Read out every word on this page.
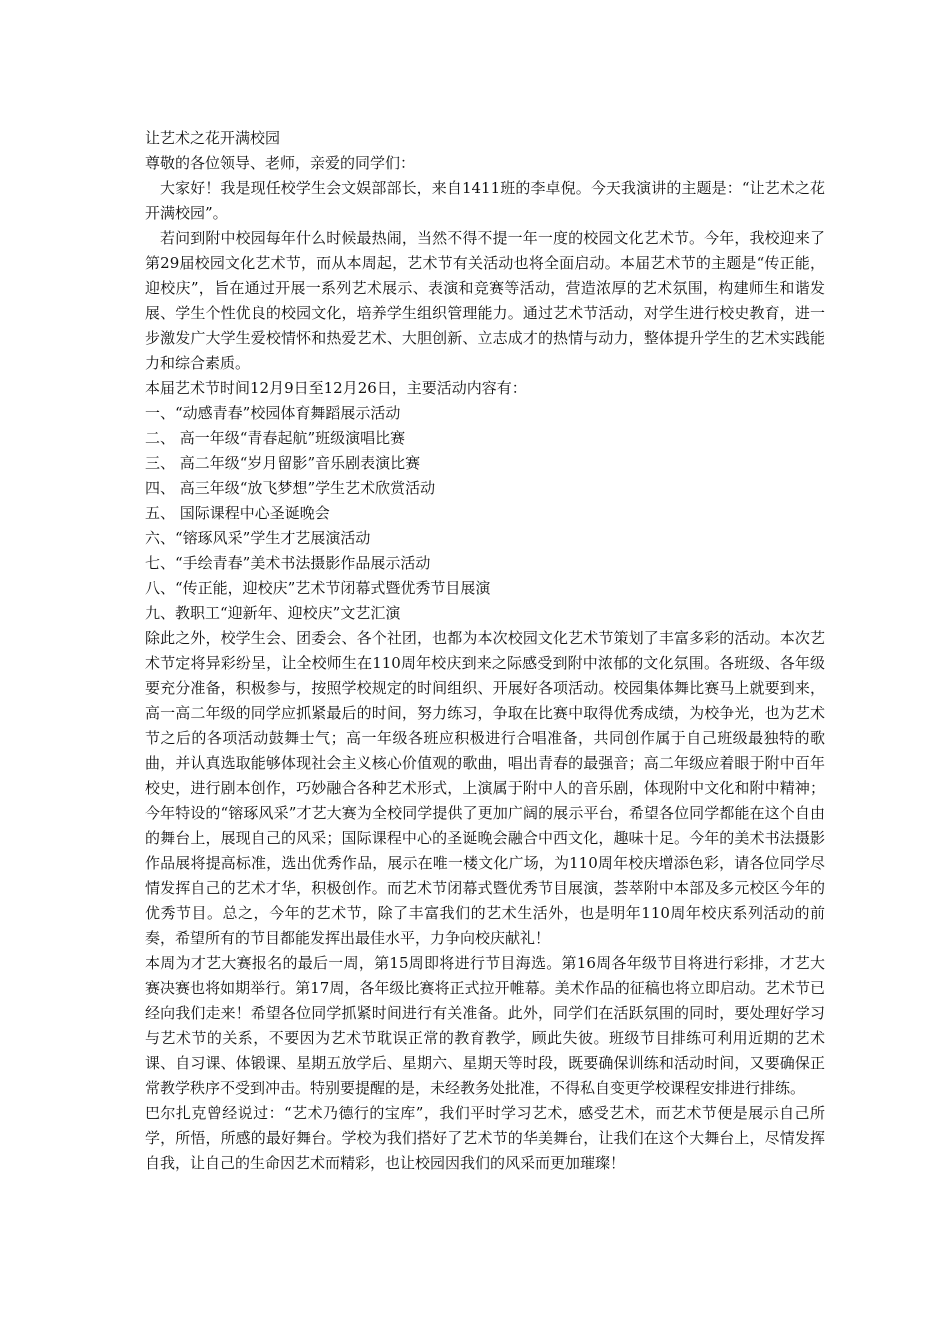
让艺术之花开满校园
尊敬的各位领导、老师，亲爱的同学们：
大家好！我是现任校学生会文娱部部长，来自1411班的李卓倪。今天我演讲的主题是：“让艺术之花开满校园”。
若问到附中校园每年什么时候最热闹，当然不得不提一年一度的校园文化艺术节。今年，我校迎来了第29届校园文化艺术节，而从本周起，艺术节有关活动也将全面启动。本届艺术节的主题是“传正能，迎校庆”，旨在通过开展一系列艺术展示、表演和竞赛等活动，营造浓厚的艺术氛围，构建师生和谐发展、学生个性优良的校园文化，培养学生组织管理能力。通过艺术节活动，对学生进行校史教育，进一步激发广大学生爱校情怀和热爱艺术、大胆创新、立志成才的热情与动力，整体提升学生的艺术实践能力和综合素质。
本届艺术节时间12月9日至12月26日，主要活动内容有：
一、“动感青春”校园体育舞蹈展示活动
二、 高一年级“青春起航”班级演唱比赛
三、 高二年级“岁月留影”音乐剧表演比赛
四、 高三年级“放飞梦想”学生艺术欣赏活动
五、 国际课程中心圣诞晚会
六、“镕琢风采”学生才艺展演活动
七、“手绘青春”美术书法摄影作品展示活动
八、“传正能，迎校庆”艺术节闭幕式暨优秀节目展演
九、教职工“迎新年、迎校庆”文艺汇演
除此之外，校学生会、团委会、各个社团，也都为本次校园文化艺术节策划了丰富多彩的活动。本次艺术节定将异彩纷呈，让全校师生在110周年校庆到来之际感受到附中浓郁的文化氛围。各班级、各年级要充分准备，积极参与，按照学校规定的时间组织、开展好各项活动。校园集体舞比赛马上就要到来，高一高二年级的同学应抓紧最后的时间，努力练习，争取在比赛中取得优秀成绩，为校争光，也为艺术节之后的各项活动鼓舞士气；高一年级各班应积极进行合唱准备，共同创作属于自己班级最独特的歌曲，并认真选取能够体现社会主义核心价值观的歌曲，唱出青春的最强音；高二年级应着眼于附中百年校史，进行剧本创作，巧妙融合各种艺术形式，上演属于附中人的音乐剧，体现附中文化和附中精神；今年特设的“镕琢风采”才艺大赛为全校同学提供了更加广阔的展示平台，希望各位同学都能在这个自由的舞台上，展现自己的风采；国际课程中心的圣诞晚会融合中西文化，趣味十足。今年的美术书法摄影作品展将提高标准，选出优秀作品，展示在唯一楼文化广场，为110周年校庆增添色彩，请各位同学尽情发挥自己的艺术才华，积极创作。而艺术节闭幕式暨优秀节目展演，荟萃附中本部及多元校区今年的优秀节目。总之，今年的艺术节，除了丰富我们的艺术生活外，也是明年110周年校庆系列活动的前奏，希望所有的节目都能发挥出最佳水平，力争向校庆献礼！
本周为才艺大赛报名的最后一周，第15周即将进行节目海选。第16周各年级节目将进行彩排，才艺大赛决赛也将如期举行。第17周，各年级比赛将正式拉开帷幕。美术作品的征稿也将立即启动。艺术节已经向我们走来！希望各位同学抓紧时间进行有关准备。此外，同学们在活跃氛围的同时，要处理好学习与艺术节的关系，不要因为艺术节耽误正常的教育教学，顾此失彼。班级节目排练可利用近期的艺术课、自习课、体锻课、星期五放学后、星期六、星期天等时段，既要确保训练和活动时间，又要确保正常教学秩序不受到冲击。特别要提醒的是，未经教务处批准，不得私自变更学校课程安排进行排练。
巴尔扎克曾经说过：“艺术乃德行的宝库”，我们平时学习艺术，感受艺术，而艺术节便是展示自己所学，所悟，所感的最好舞台。学校为我们搭好了艺术节的华美舞台，让我们在这个大舞台上，尽情发挥自我，让自己的生命因艺术而精彩，也让校园因我们的风采而更加璀璨！
